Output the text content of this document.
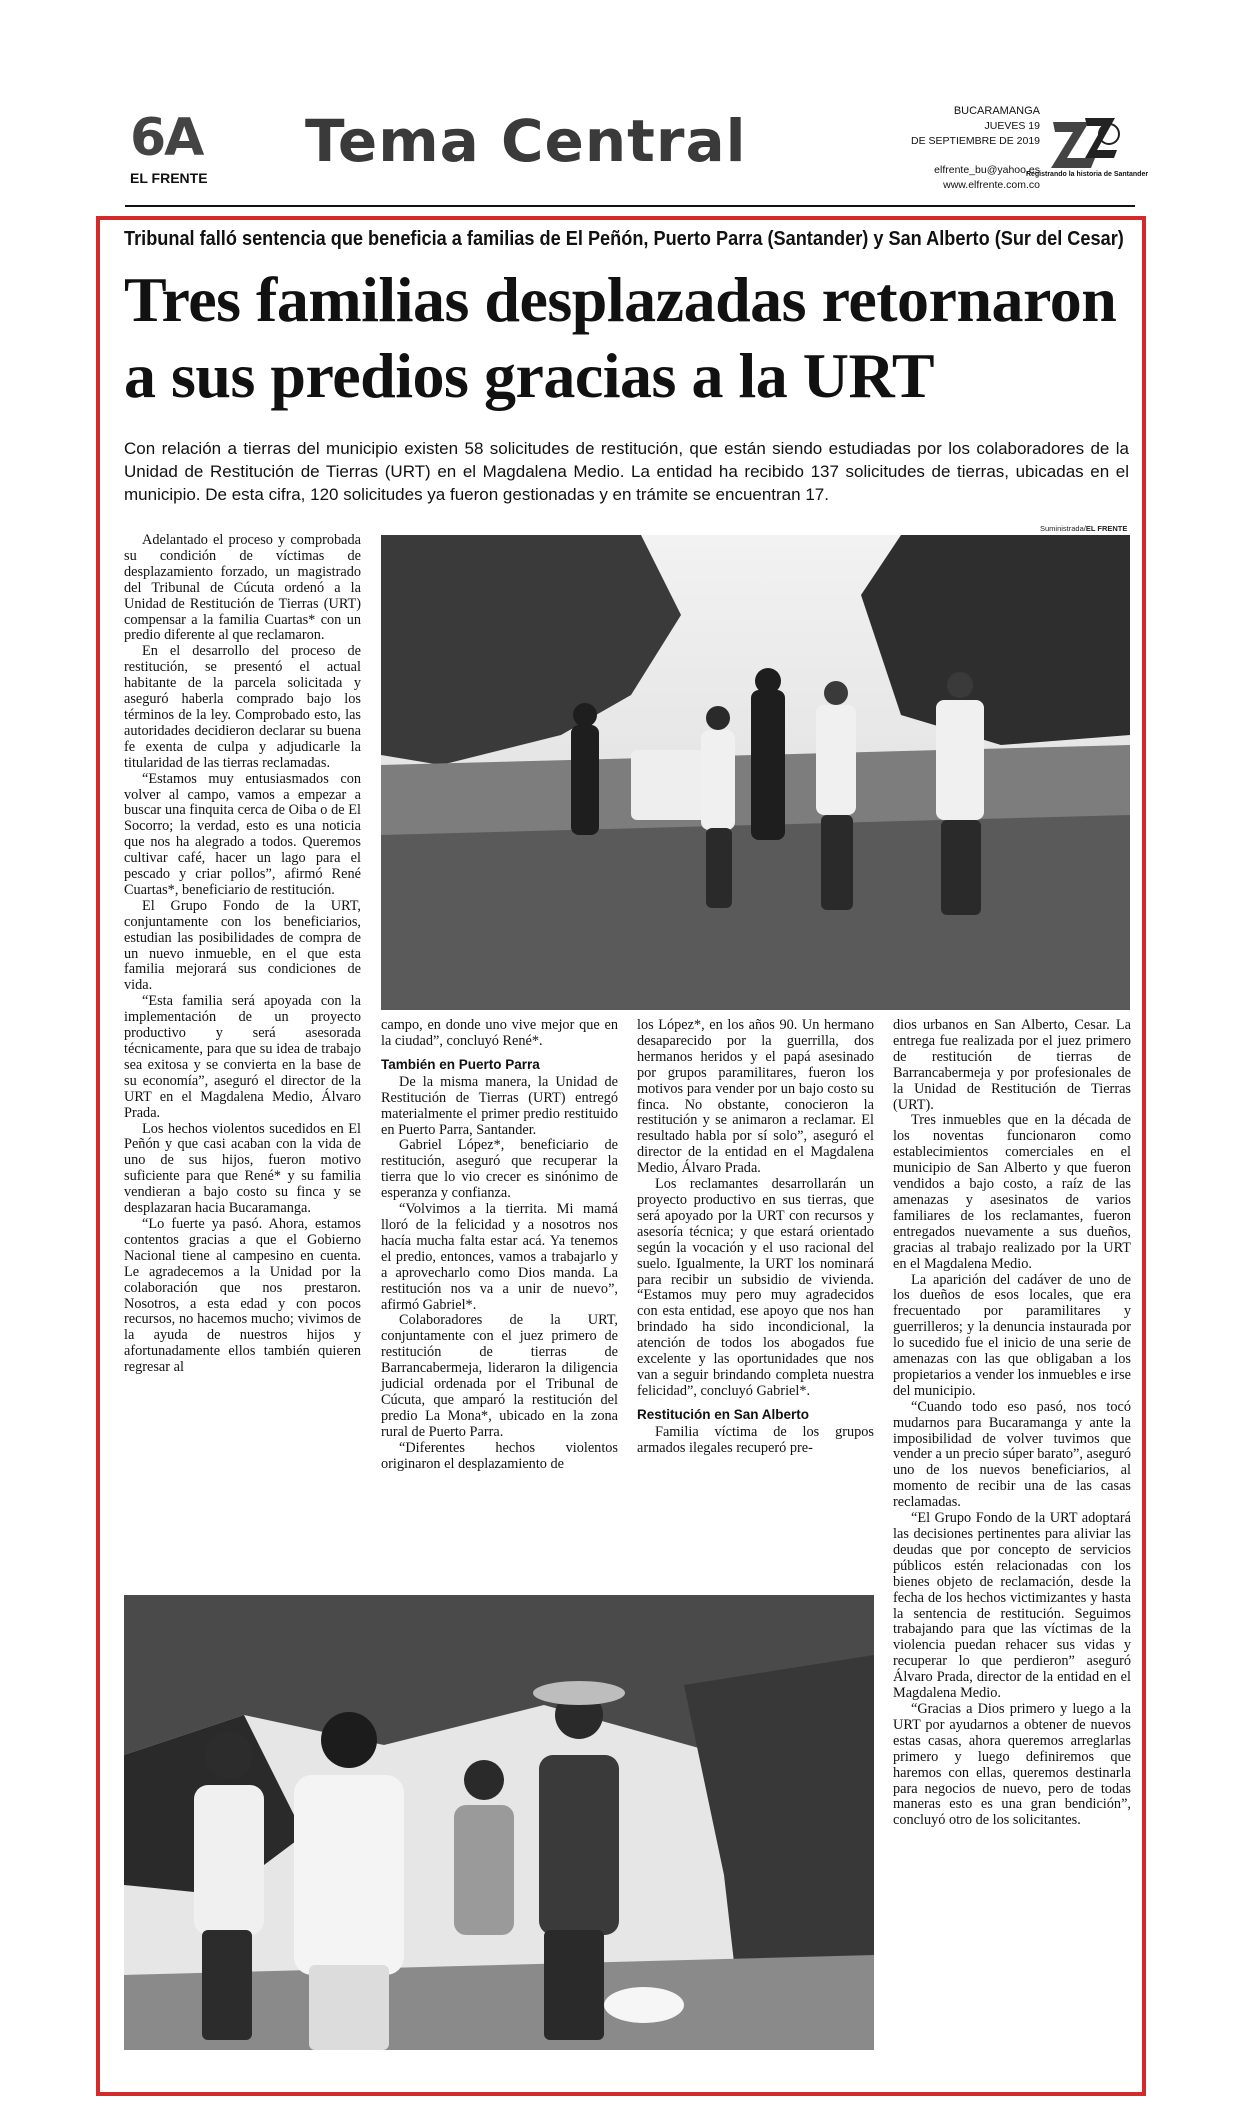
6A
EL FRENTE
Tema Central	BUCARAMANGA
JUEVES 19
DE SEPTIEMBRE DE 2019
elfrente_bu@yahoo.es
www.elfrente.com.co
Registrando la historia de Santander
Tribunal falló sentencia que beneficia a familias de El Peñón, Puerto Parra (Santander) y San Alberto (Sur del Cesar)
Tres familias desplazadas retornaron
a sus predios gracias a la URT
Con relación a tierras del municipio existen 58 solicitudes de restitución, que están siendo estudiadas por los colaboradores de la Unidad de Restitución de Tierras (URT) en el Magdalena Medio. La entidad ha recibido 137 solicitudes de tierras, ubicadas en el municipio. De esta cifra, 120 solicitudes ya fueron gestionadas y en trámite se encuentran 17.
Suministrada/EL FRENTE

Adelantado el proceso y comprobada su condición de víctimas de desplazamiento forzado, un magistrado del Tribunal de Cúcuta ordenó a la Unidad de Restitución de Tierras (URT) compensar a la familia Cuartas* con un predio diferente al que reclamaron.

En el desarrollo del proceso de restitución, se presentó el actual habitante de la parcela solicitada y aseguró haberla comprado bajo los términos de la ley. Comprobado esto, las autoridades decidieron declarar su buena fe exenta de culpa y adjudicarle la titularidad de las tierras reclamadas.

“Estamos muy entusiasmados con volver al campo, vamos a empezar a buscar una finquita cerca de Oiba o de El Socorro; la verdad, esto es una noticia que nos ha alegrado a todos. Queremos cultivar café, hacer un lago para el pescado y criar pollos”, afirmó René Cuartas*, beneficiario de restitución.

El Grupo Fondo de la URT, conjuntamente con los beneficiarios, estudian las posibilidades de compra de un nuevo inmueble, en el que esta familia mejorará sus condiciones de vida.

“Esta familia será apoyada con la implementación de un proyecto productivo y será asesorada técnicamente, para que su idea de trabajo sea exitosa y se convierta en la base de su economía”, aseguró el director de la URT en el Magdalena Medio, Álvaro Prada.

Los hechos violentos sucedidos en El Peñón y que casi acaban con la vida de uno de sus hijos, fueron motivo suficiente para que René* y su familia vendieran a bajo costo su finca y se desplazaran hacia Bucaramanga.

“Lo fuerte ya pasó. Ahora, estamos contentos gracias a que el Gobierno Nacional tiene al campesino en cuenta. Le agradecemos a la Unidad por la colaboración que nos prestaron. Nosotros, a esta edad y con pocos recursos, no hacemos mucho; vivimos de la ayuda de nuestros hijos y afortunadamente ellos también quieren regresar al

campo, en donde uno vive mejor que en la ciudad”, concluyó René*.

También en Puerto Parra

De la misma manera, la Unidad de Restitución de Tierras (URT) entregó materialmente el primer predio restituido en Puerto Parra, Santander.

Gabriel López*, beneficiario de restitución, aseguró que recuperar la tierra que lo vio crecer es sinónimo de esperanza y confianza.

“Volvimos a la tierrita. Mi mamá lloró de la felicidad y a nosotros nos hacía mucha falta estar acá. Ya tenemos el predio, entonces, vamos a trabajarlo y a aprovecharlo como Dios manda. La restitución nos va a unir de nuevo”, afirmó Gabriel*.

Colaboradores de la URT, conjuntamente con el juez primero de restitución de tierras de Barrancabermeja, lideraron la diligencia judicial ordenada por el Tribunal de Cúcuta, que amparó la restitución del predio La Mona*, ubicado en la zona rural de Puerto Parra.

“Diferentes hechos violentos originaron el desplazamiento de

los López*, en los años 90. Un hermano desaparecido por la guerrilla, dos hermanos heridos y el papá asesinado por grupos paramilitares, fueron los motivos para vender por un bajo costo su finca. No obstante, conocieron la restitución y se animaron a reclamar. El resultado habla por sí solo”, aseguró el director de la entidad en el Magdalena Medio, Álvaro Prada.

Los reclamantes desarrollarán un proyecto productivo en sus tierras, que será apoyado por la URT con recursos y asesoría técnica; y que estará orientado según la vocación y el uso racional del suelo. Igualmente, la URT los nominará para recibir un subsidio de vivienda. “Estamos muy pero muy agradecidos con esta entidad, ese apoyo que nos han brindado ha sido incondicional, la atención de todos los abogados fue excelente y las oportunidades que nos van a seguir brindando completa nuestra felicidad”, concluyó Gabriel*.

Restitución en San Alberto

Familia víctima de los grupos armados ilegales recuperó pre-

dios urbanos en San Alberto, Cesar. La entrega fue realizada por el juez primero de restitución de tierras de Barrancabermeja y por profesionales de la Unidad de Restitución de Tierras (URT).

Tres inmuebles que en la década de los noventas funcionaron como establecimientos comerciales en el municipio de San Alberto y que fueron vendidos a bajo costo, a raíz de las amenazas y asesinatos de varios familiares de los reclamantes, fueron entregados nuevamente a sus dueños, gracias al trabajo realizado por la URT en el Magdalena Medio.

La aparición del cadáver de uno de los dueños de esos locales, que era frecuentado por paramilitares y guerrilleros; y la denuncia instaurada por lo sucedido fue el inicio de una serie de amenazas con las que obligaban a los propietarios a vender los inmuebles e irse del municipio.

“Cuando todo eso pasó, nos tocó mudarnos para Bucaramanga y ante la imposibilidad de volver tuvimos que vender a un precio súper barato”, aseguró uno de los nuevos beneficiarios, al momento de recibir una de las casas reclamadas.

“El Grupo Fondo de la URT adoptará las decisiones pertinentes para aliviar las deudas que por concepto de servicios públicos estén relacionadas con los bienes objeto de reclamación, desde la fecha de los hechos victimizantes y hasta la sentencia de restitución. Seguimos trabajando para que las víctimas de la violencia puedan rehacer sus vidas y recuperar lo que perdieron” aseguró Álvaro Prada, director de la entidad en el Magdalena Medio.

“Gracias a Dios primero y luego a la URT por ayudarnos a obtener de nuevos estas casas, ahora queremos arreglarlas primero y luego definiremos que haremos con ellas, queremos destinarla para negocios de nuevo, pero de todas maneras esto es una gran bendición”, concluyó otro de los solicitantes.
